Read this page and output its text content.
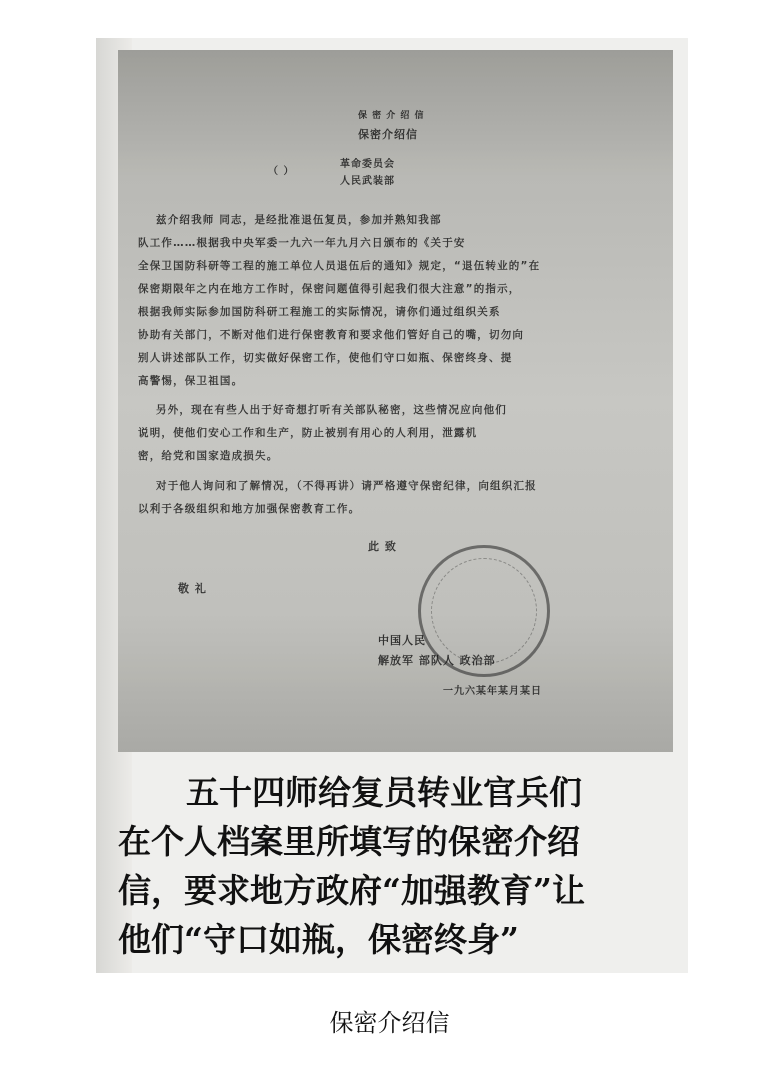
保 密 介 绍 信
保密介绍信
（ ）
革命委员会
人民武装部
兹介绍我师 同志，是经批准退伍复员，参加并熟知我部
队工作……根据我中央军委一九六一年九月六日颁布的《关于安
全保卫国防科研等工程的施工单位人员退伍后的通知》规定，“退伍转业的”在
保密期限年之内在地方工作时，保密问题值得引起我们很大注意”的指示，
根据我师实际参加国防科研工程施工的实际情况，请你们通过组织关系
协助有关部门，不断对他们进行保密教育和要求他们管好自己的嘴，切勿向
别人讲述部队工作，切实做好保密工作，使他们守口如瓶、保密终身、提
高警惕，保卫祖国。
另外，现在有些人出于好奇想打听有关部队秘密，这些情况应向他们
说明，使他们安心工作和生产，防止被别有用心的人利用，泄露机
密，给党和国家造成损失。
对于他人询问和了解情况，（不得再讲）请严格遵守保密纪律，向组织汇报
以利于各级组织和地方加强保密教育工作。
此 致
敬 礼
中国人民
解放军 部队人 政治部
一九六某年某月某日
五十四师给复员转业官兵们
在个人档案里所填写的保密介绍
信，要求地方政府“加强教育”让
他们“守口如瓶，保密终身”
保密介绍信
